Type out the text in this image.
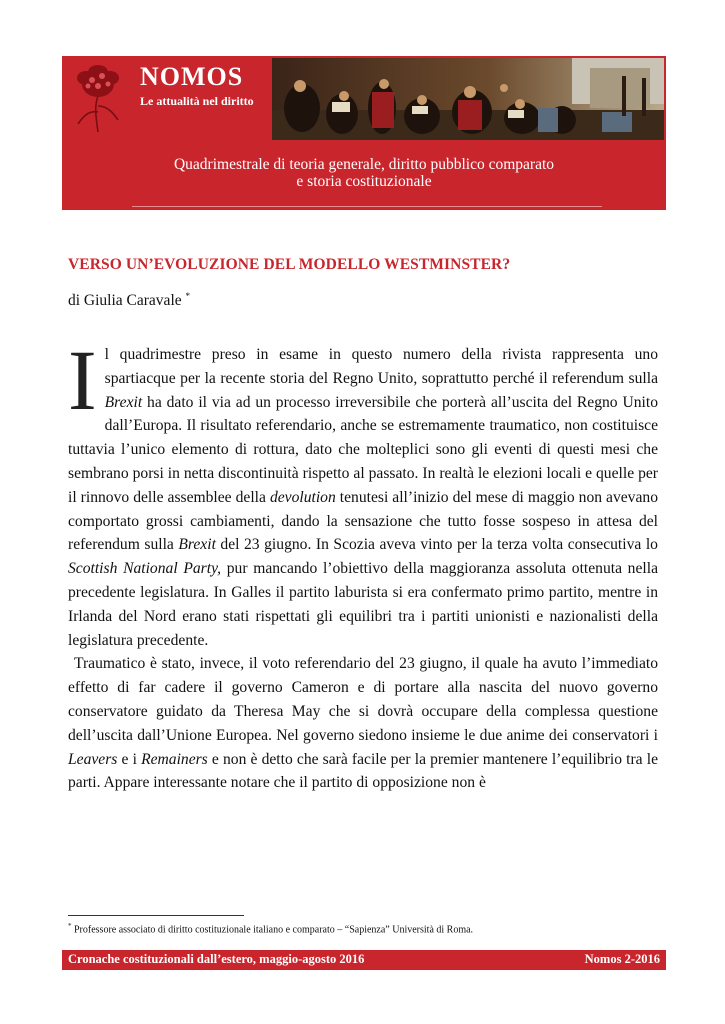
NOMOS
Le attualità nel diritto
Quadrimestrale di teoria generale, diritto pubblico comparato
e storia costituzionale
VERSO UN’EVOLUZIONE DEL MODELLO WESTMINSTER?
di Giulia Caravale *

Il quadrimestre preso in esame in questo numero della rivista rappresenta uno spartiacque per la recente storia del Regno Unito, soprattutto perché il referendum sulla Brexit ha dato il via ad un processo irreversibile che porterà all’uscita del Regno Unito dall’Europa. Il risultato referendario, anche se estremamente traumatico, non costituisce tuttavia l’unico elemento di rottura, dato che molteplici sono gli eventi di questi mesi che sembrano porsi in netta discontinuità rispetto al passato. In realtà le elezioni locali e quelle per il rinnovo delle assemblee della devolution tenutesi all’inizio del mese di maggio non avevano comportato grossi cambiamenti, dando la sensazione che tutto fosse sospeso in attesa del referendum sulla Brexit del 23 giugno. In Scozia aveva vinto per la terza volta consecutiva lo Scottish National Party, pur mancando l’obiettivo della maggioranza assoluta ottenuta nella precedente legislatura. In Galles il partito laburista si era confermato primo partito, mentre in Irlanda del Nord erano stati rispettati gli equilibri tra i partiti unionisti e nazionalisti della legislatura precedente.

Traumatico è stato, invece, il voto referendario del 23 giugno, il quale ha avuto l’immediato effetto di far cadere il governo Cameron e di portare alla nascita del nuovo governo conservatore guidato da Theresa May che si dovrà occupare della complessa questione dell’uscita dall’Unione Europea. Nel governo siedono insieme le due anime dei conservatori i Leavers e i Remainers e non è detto che sarà facile per la premier mantenere l’equilibrio tra le parti. Appare interessante notare che il partito di opposizione non è

* Professore associato di diritto costituzionale italiano e comparato – “Sapienza” Università di Roma.
Cronache costituzionali dall’estero, maggio-agosto 2016	Nomos 2-2016
